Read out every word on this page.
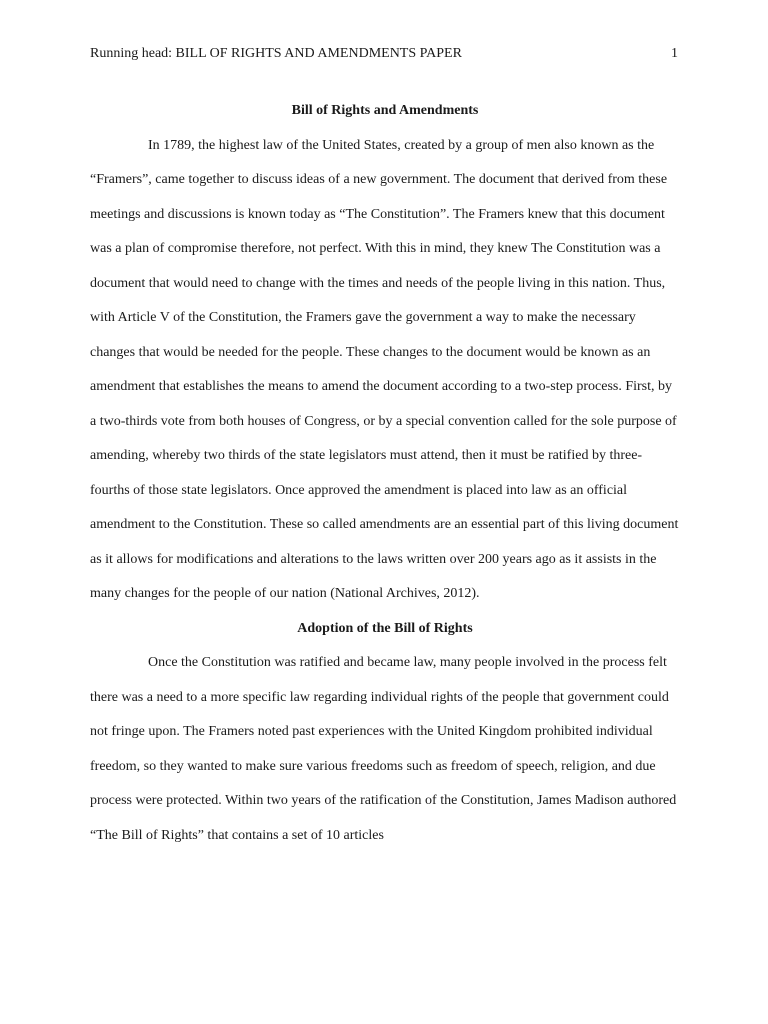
Running head: BILL OF RIGHTS AND AMENDMENTS PAPER	1

Bill of Rights and Amendments

In 1789, the highest law of the United States, created by a group of men also known as the “Framers”, came together to discuss ideas of a new government. The document that derived from these meetings and discussions is known today as “The Constitution”. The Framers knew that this document was a plan of compromise therefore, not perfect. With this in mind, they knew The Constitution was a document that would need to change with the times and needs of the people living in this nation. Thus, with Article V of the Constitution, the Framers gave the government a way to make the necessary changes that would be needed for the people. These changes to the document would be known as an amendment that establishes the means to amend the document according to a two-step process. First, by a two-thirds vote from both houses of Congress, or by a special convention called for the sole purpose of amending, whereby two thirds of the state legislators must attend, then it must be ratified by three-fourths of those state legislators. Once approved the amendment is placed into law as an official amendment to the Constitution. These so called amendments are an essential part of this living document as it allows for modifications and alterations to the laws written over 200 years ago as it assists in the many changes for the people of our nation (National Archives, 2012).

Adoption of the Bill of Rights

Once the Constitution was ratified and became law, many people involved in the process felt there was a need to a more specific law regarding individual rights of the people that government could not fringe upon. The Framers noted past experiences with the United Kingdom prohibited individual freedom, so they wanted to make sure various freedoms such as freedom of speech, religion, and due process were protected. Within two years of the ratification of the Constitution, James Madison authored “The Bill of Rights” that contains a set of 10 articles
